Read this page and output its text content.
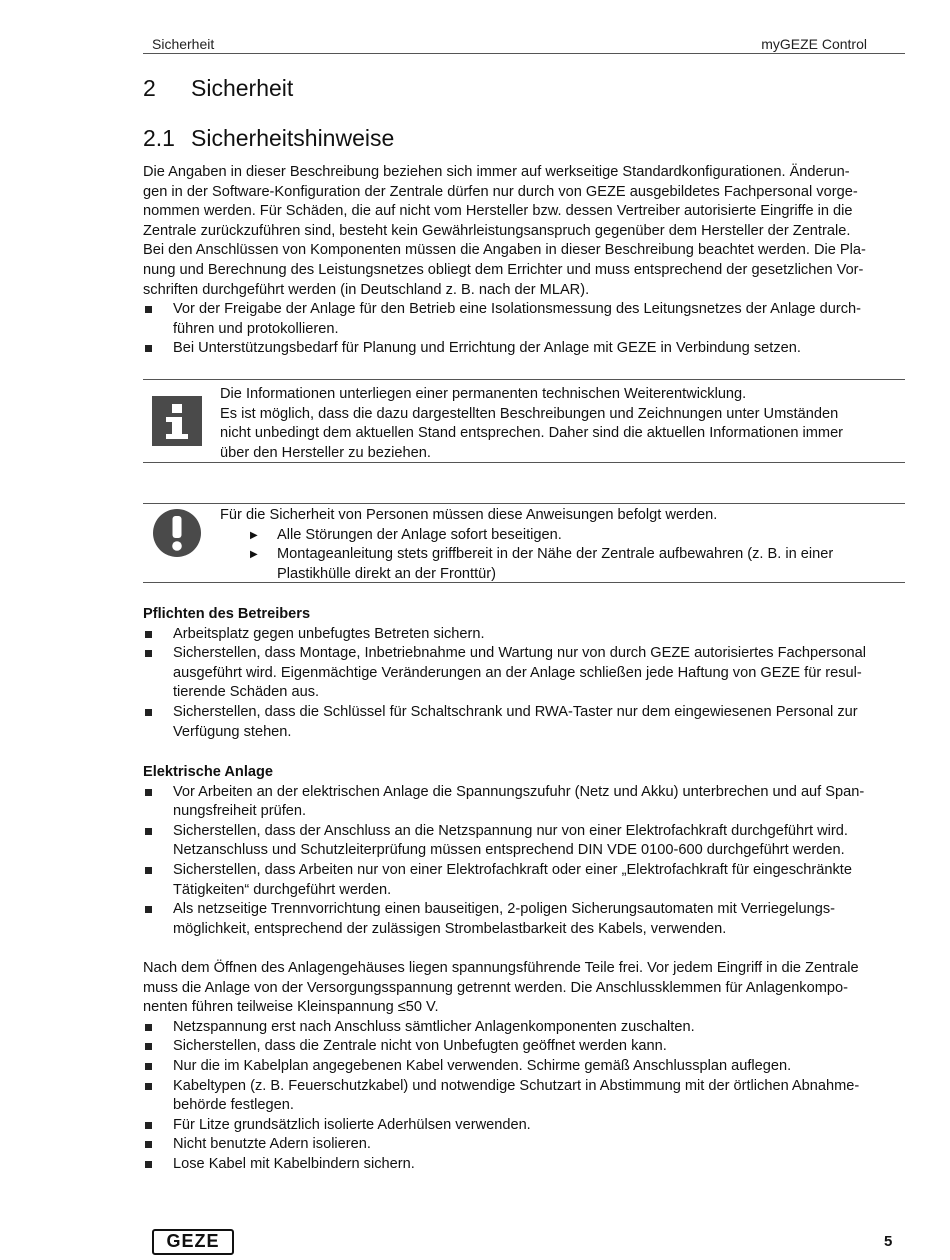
Sicherheit	myGEZE Control
2 Sicherheit
2.1 Sicherheitshinweise

Die Angaben in dieser Beschreibung beziehen sich immer auf werkseitige Standardkonfigurationen. Änderun-
gen in der Software-Konfiguration der Zentrale dürfen nur durch von GEZE ausgebildetes Fachpersonal vorge-
nommen werden. Für Schäden, die auf nicht vom Hersteller bzw. dessen Vertreiber autorisierte Eingriffe in die
Zentrale zurückzuführen sind, besteht kein Gewährleistungsanspruch gegenüber dem Hersteller der Zentrale.
Bei den Anschlüssen von Komponenten müssen die Angaben in dieser Beschreibung beachtet werden. Die Pla-
nung und Berechnung des Leistungsnetzes obliegt dem Errichter und muss entsprechend der gesetzlichen Vor-
schriften durchgeführt werden (in Deutschland z. B. nach der MLAR).

Vor der Freigabe der Anlage für den Betrieb eine Isolationsmessung des Leitungsnetzes der Anlage durch-
führen und protokollieren.
Bei Unterstützungsbedarf für Planung und Errichtung der Anlage mit GEZE in Verbindung setzen.
Die Informationen unterliegen einer permanenten technischen Weiterentwicklung.
Es ist möglich, dass die dazu dargestellten Beschreibungen und Zeichnungen unter Umständen
nicht unbedingt dem aktuellen Stand entsprechen. Daher sind die aktuellen Informationen immer
über den Hersteller zu beziehen.

Für die Sicherheit von Personen müssen diese Anweisungen befolgt werden.

▶ Alle Störungen der Anlage sofort beseitigen.
▶ Montageanleitung stets griffbereit in der Nähe der Zentrale aufbewahren (z. B. in einer
Plastikhülle direkt an der Fronttür)

Pflichten des Betreibers

Arbeitsplatz gegen unbefugtes Betreten sichern.
Sicherstellen, dass Montage, Inbetriebnahme und Wartung nur von durch GEZE autorisiertes Fachpersonal
ausgeführt wird. Eigenmächtige Veränderungen an der Anlage schließen jede Haftung von GEZE für resul-
tierende Schäden aus.
Sicherstellen, dass die Schlüssel für Schaltschrank und RWA-Taster nur dem eingewiesenen Personal zur
Verfügung stehen.

Elektrische Anlage

Vor Arbeiten an der elektrischen Anlage die Spannungszufuhr (Netz und Akku) unterbrechen und auf Span-
nungsfreiheit prüfen.
Sicherstellen, dass der Anschluss an die Netzspannung nur von einer Elektrofachkraft durchgeführt wird.
Netzanschluss und Schutzleiterprüfung müssen entsprechend DIN VDE 0100-600 durchgeführt werden.
Sicherstellen, dass Arbeiten nur von einer Elektrofachkraft oder einer „Elektrofachkraft für eingeschränkte
Tätigkeiten“ durchgeführt werden.
Als netzseitige Trennvorrichtung einen bauseitigen, 2-poligen Sicherungsautomaten mit Verriegelungs-
möglichkeit, entsprechend der zulässigen Strombelastbarkeit des Kabels, verwenden.

Nach dem Öffnen des Anlagengehäuses liegen spannungsführende Teile frei. Vor jedem Eingriff in die Zentrale
muss die Anlage von der Versorgungsspannung getrennt werden. Die Anschlussklemmen für Anlagenkompo-
nenten führen teilweise Kleinspannung ≤50 V.

Netzspannung erst nach Anschluss sämtlicher Anlagenkomponenten zuschalten.
Sicherstellen, dass die Zentrale nicht von Unbefugten geöffnet werden kann.
Nur die im Kabelplan angegebenen Kabel verwenden. Schirme gemäß Anschlussplan auflegen.
Kabeltypen (z. B. Feuerschutzkabel) und notwendige Schutzart in Abstimmung mit der örtlichen Abnahme-
behörde festlegen.
Für Litze grundsätzlich isolierte Aderhülsen verwenden.
Nicht benutzte Adern isolieren.
Lose Kabel mit Kabelbindern sichern.
GEZE	5
